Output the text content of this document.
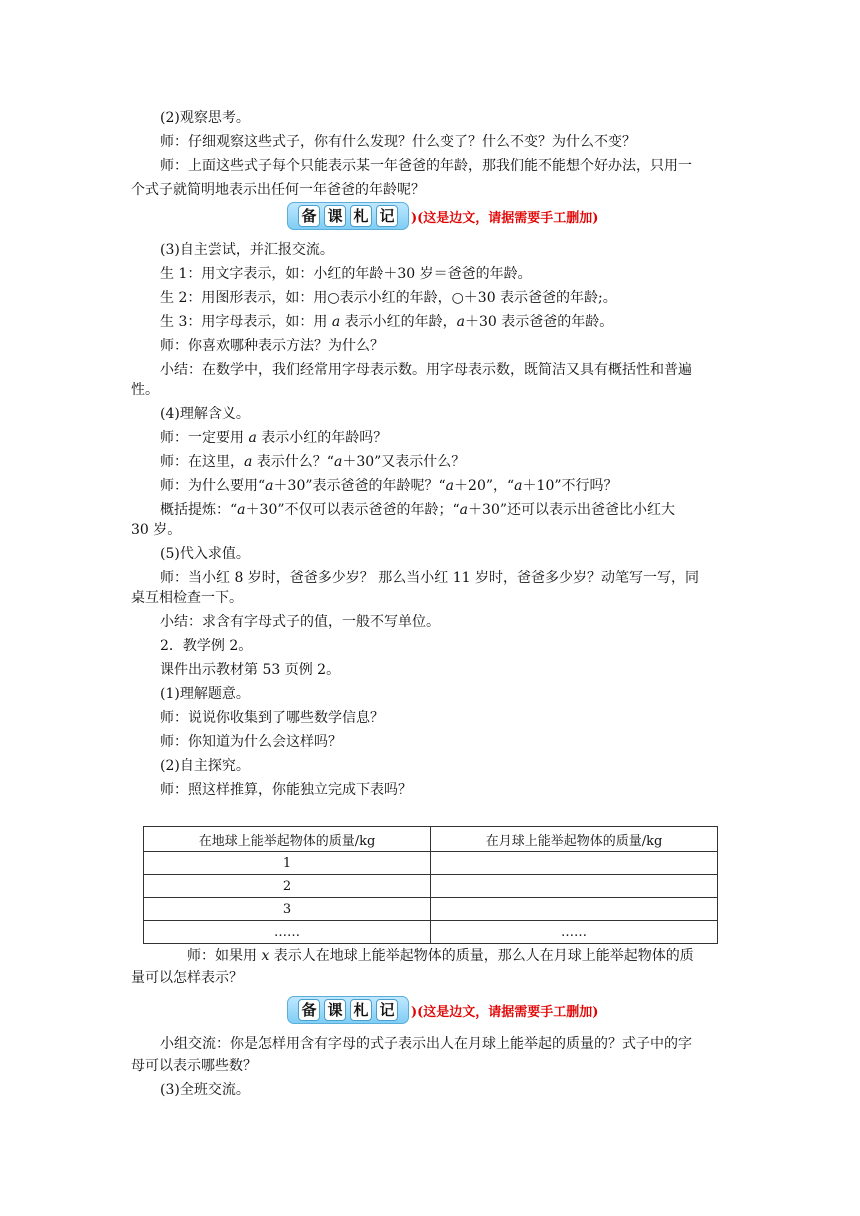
(2)观察思考。
师：仔细观察这些式子，你有什么发现？什么变了？什么不变？为什么不变？
师：上面这些式子每个只能表示某一年爸爸的年龄，那我们能不能想个好办法，只用一
个式子就简明地表示出任何一年爸爸的年龄呢？
备 课 札 记 )(这是边文，请据需要手工删加)
(3)自主尝试，并汇报交流。
生 1：用文字表示，如：小红的年龄＋30 岁＝爸爸的年龄。
生 2：用图形表示，如：用○表示小红的年龄，○＋30 表示爸爸的年龄;。
生 3：用字母表示，如：用 a 表示小红的年龄，a＋30 表示爸爸的年龄。
师：你喜欢哪种表示方法？为什么？
小结：在数学中，我们经常用字母表示数。用字母表示数，既简洁又具有概括性和普遍
性。
(4)理解含义。
师：一定要用 a 表示小红的年龄吗？
师：在这里，a 表示什么？“a＋30”又表示什么？
师：为什么要用“a＋30”表示爸爸的年龄呢？“a＋20”，“a＋10”不行吗？
概括提炼：“a＋30”不仅可以表示爸爸的年龄；“a＋30”还可以表示出爸爸比小红大
30 岁。
(5)代入求值。
师：当小红 8 岁时，爸爸多少岁？ 那么当小红 11 岁时，爸爸多少岁？动笔写一写，同
桌互相检查一下。
小结：求含有字母式子的值，一般不写单位。
2．教学例 2。
课件出示教材第 53 页例 2。
(1)理解题意。
师：说说你收集到了哪些数学信息？
师：你知道为什么会这样吗？
(2)自主探究。
师：照这样推算，你能独立完成下表吗？
在地球上能举起物体的质量/kg	在月球上能举起物体的质量/kg
1	
2	
3	
……	……
师：如果用 x 表示人在地球上能举起物体的质量，那么人在月球上能举起物体的质
量可以怎样表示？
备 课 札 记 )(这是边文，请据需要手工删加)
小组交流：你是怎样用含有字母的式子表示出人在月球上能举起的质量的？式子中的字
母可以表示哪些数？
(3)全班交流。
